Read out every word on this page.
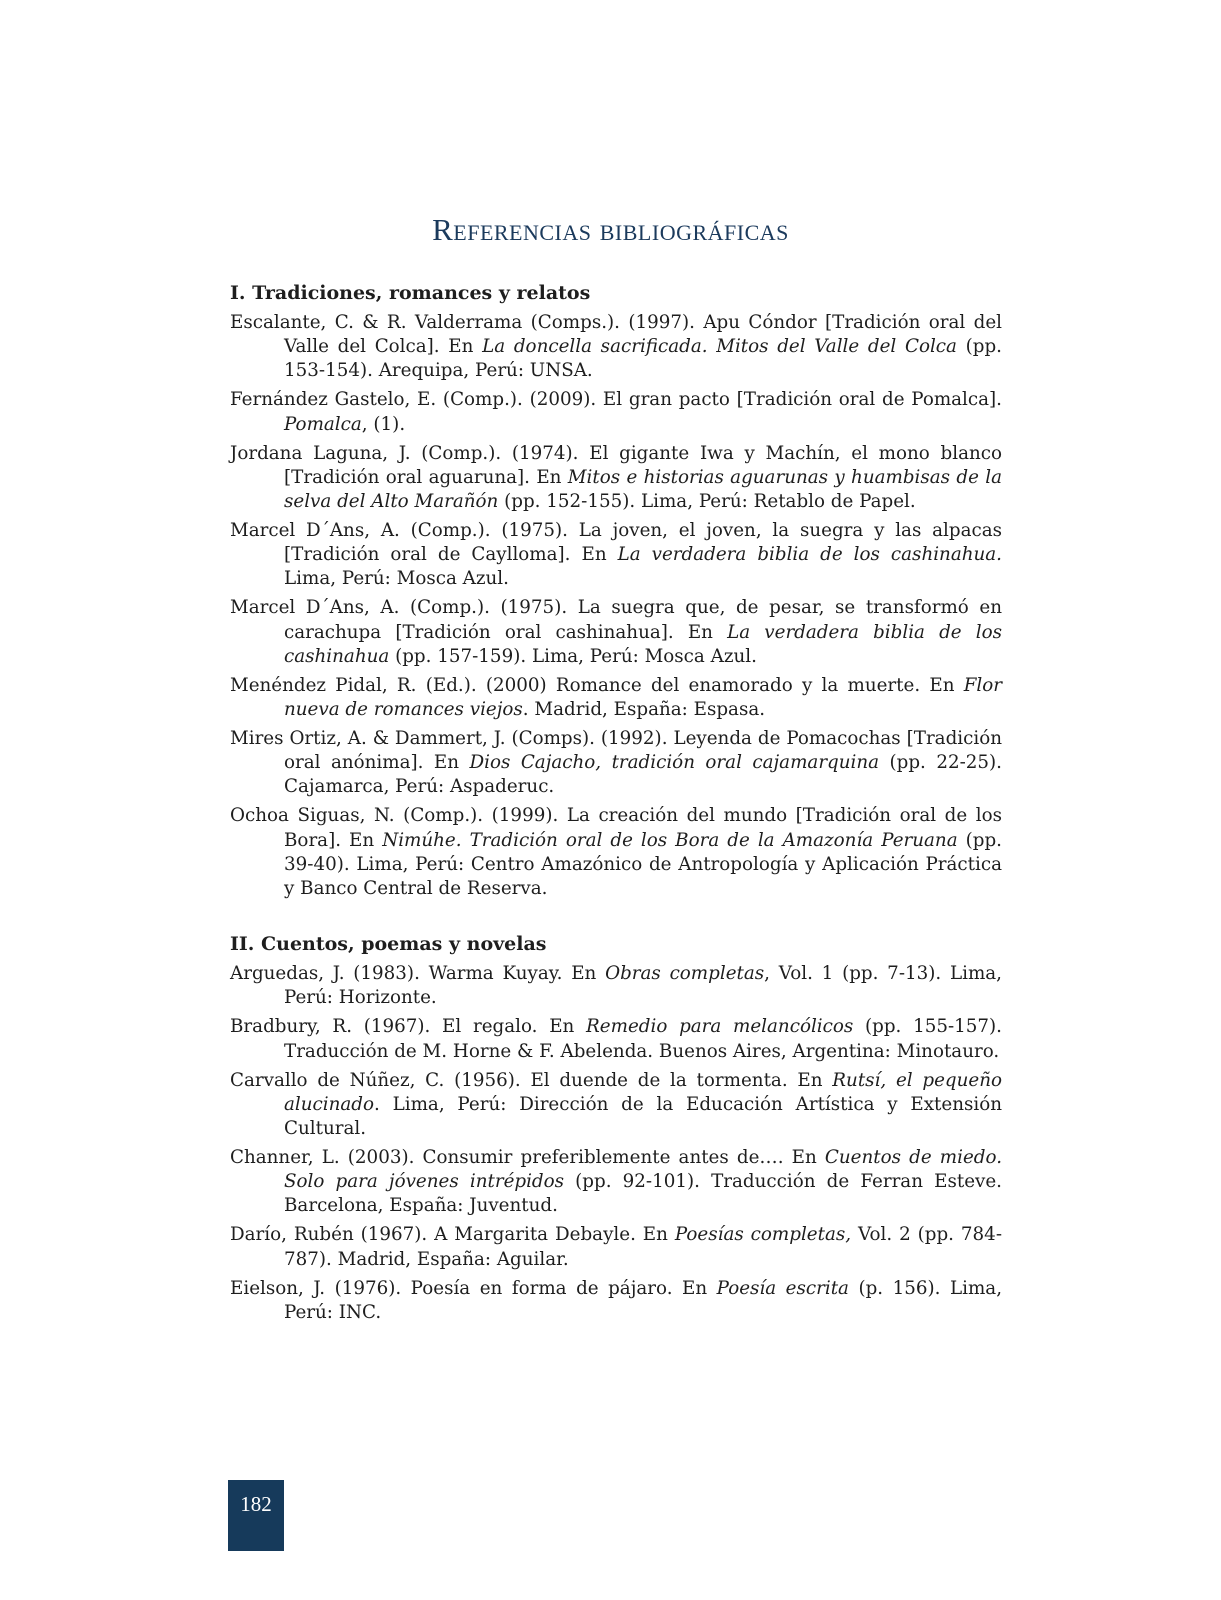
Referencias bibliográficas

I. Tradiciones, romances y relatos

Escalante, C. & R. Valderrama (Comps.). (1997). Apu Cóndor [Tradición oral del Valle del Colca]. En La doncella sacrificada. Mitos del Valle del Colca (pp. 153-154). Arequipa, Perú: UNSA.

Fernández Gastelo, E. (Comp.). (2009). El gran pacto [Tradición oral de Pomalca]. Pomalca, (1).

Jordana Laguna, J. (Comp.). (1974). El gigante Iwa y Machín, el mono blanco [Tradición oral aguaruna]. En Mitos e historias aguarunas y huambisas de la selva del Alto Marañón (pp. 152-155). Lima, Perú: Retablo de Papel.

Marcel D´Ans, A. (Comp.). (1975). La joven, el joven, la suegra y las alpacas [Tradición oral de Caylloma]. En La verdadera biblia de los cashinahua. Lima, Perú: Mosca Azul.

Marcel D´Ans, A. (Comp.). (1975). La suegra que, de pesar, se transformó en carachupa [Tradición oral cashinahua]. En La verdadera biblia de los cashinahua (pp. 157-159). Lima, Perú: Mosca Azul.

Menéndez Pidal, R. (Ed.). (2000) Romance del enamorado y la muerte. En Flor nueva de romances viejos. Madrid, España: Espasa.

Mires Ortiz, A. & Dammert, J. (Comps). (1992). Leyenda de Pomacochas [Tradición oral anónima]. En Dios Cajacho, tradición oral cajamarquina (pp. 22-25). Cajamarca, Perú: Aspaderuc.

Ochoa Siguas, N. (Comp.). (1999). La creación del mundo [Tradición oral de los Bora]. En Nimúhe. Tradición oral de los Bora de la Amazonía Peruana (pp. 39-40). Lima, Perú: Centro Amazónico de Antropología y Aplicación Práctica y Banco Central de Reserva.

II. Cuentos, poemas y novelas

Arguedas, J. (1983). Warma Kuyay. En Obras completas, Vol. 1 (pp. 7-13). Lima, Perú: Horizonte.

Bradbury, R. (1967). El regalo. En Remedio para melancólicos (pp. 155-157). Traducción de M. Horne & F. Abelenda. Buenos Aires, Argentina: Minotauro.

Carvallo de Núñez, C. (1956). El duende de la tormenta. En Rutsí, el pequeño alucinado. Lima, Perú: Dirección de la Educación Artística y Extensión Cultural.

Channer, L. (2003). Consumir preferiblemente antes de…. En Cuentos de miedo. Solo para jóvenes intrépidos (pp. 92-101). Traducción de Ferran Esteve. Barcelona, España: Juventud.

Darío, Rubén (1967). A Margarita Debayle. En Poesías completas, Vol. 2 (pp. 784-787). Madrid, España: Aguilar.

Eielson, J. (1976). Poesía en forma de pájaro. En Poesía escrita (p. 156). Lima, Perú: INC.

182
